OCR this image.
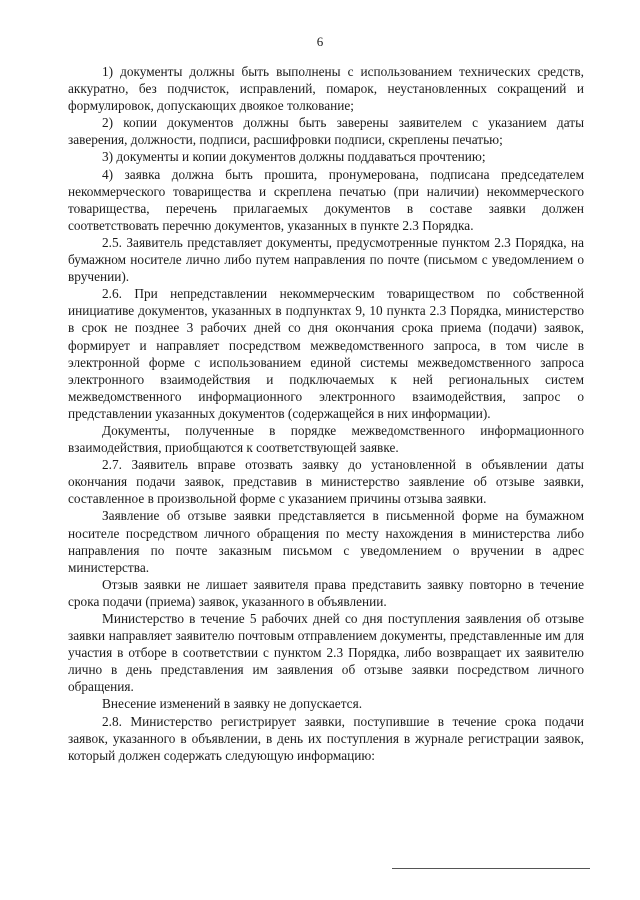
6

1) документы должны быть выполнены с использованием технических средств, аккуратно, без подчисток, исправлений, помарок, неустановленных сокращений и формулировок, допускающих двоякое толкование;

2) копии документов должны быть заверены заявителем с указанием даты заверения, должности, подписи, расшифровки подписи, скреплены печатью;

3) документы и копии документов должны поддаваться прочтению;

4) заявка должна быть прошита, пронумерована, подписана председателем некоммерческого товарищества и скреплена печатью (при наличии) некоммерческого товарищества, перечень прилагаемых документов в составе заявки должен соответствовать перечню документов, указанных в пункте 2.3 Порядка.

2.5. Заявитель представляет документы, предусмотренные пунктом 2.3 Порядка, на бумажном носителе лично либо путем направления по почте (письмом с уведомлением о вручении).

2.6. При непредставлении некоммерческим товариществом по собственной инициативе документов, указанных в подпунктах 9, 10 пункта 2.3 Порядка, министерство в срок не позднее 3 рабочих дней со дня окончания срока приема (подачи) заявок, формирует и направляет посредством межведомственного запроса, в том числе в электронной форме с использованием единой системы межведомственного запроса электронного взаимодействия и подключаемых к ней региональных систем межведомственного информационного электронного взаимодействия, запрос о представлении указанных документов (содержащейся в них информации).

Документы, полученные в порядке межведомственного информационного взаимодействия, приобщаются к соответствующей заявке.

2.7. Заявитель вправе отозвать заявку до установленной в объявлении даты окончания подачи заявок, представив в министерство заявление об отзыве заявки, составленное в произвольной форме с указанием причины отзыва заявки.

Заявление об отзыве заявки представляется в письменной форме на бумажном носителе посредством личного обращения по месту нахождения в министерства либо направления по почте заказным письмом с уведомлением о вручении в адрес министерства.

Отзыв заявки не лишает заявителя права представить заявку повторно в течение срока подачи (приема) заявок, указанного в объявлении.

Министерство в течение 5 рабочих дней со дня поступления заявления об отзыве заявки направляет заявителю почтовым отправлением документы, представленные им для участия в отборе в соответствии с пунктом 2.3 Порядка, либо возвращает их заявителю лично в день представления им заявления об отзыве заявки посредством личного обращения.

Внесение изменений в заявку не допускается.

2.8. Министерство регистрирует заявки, поступившие в течение срока подачи заявок, указанного в объявлении, в день их поступления в журнале регистрации заявок, который должен содержать следующую информацию:
